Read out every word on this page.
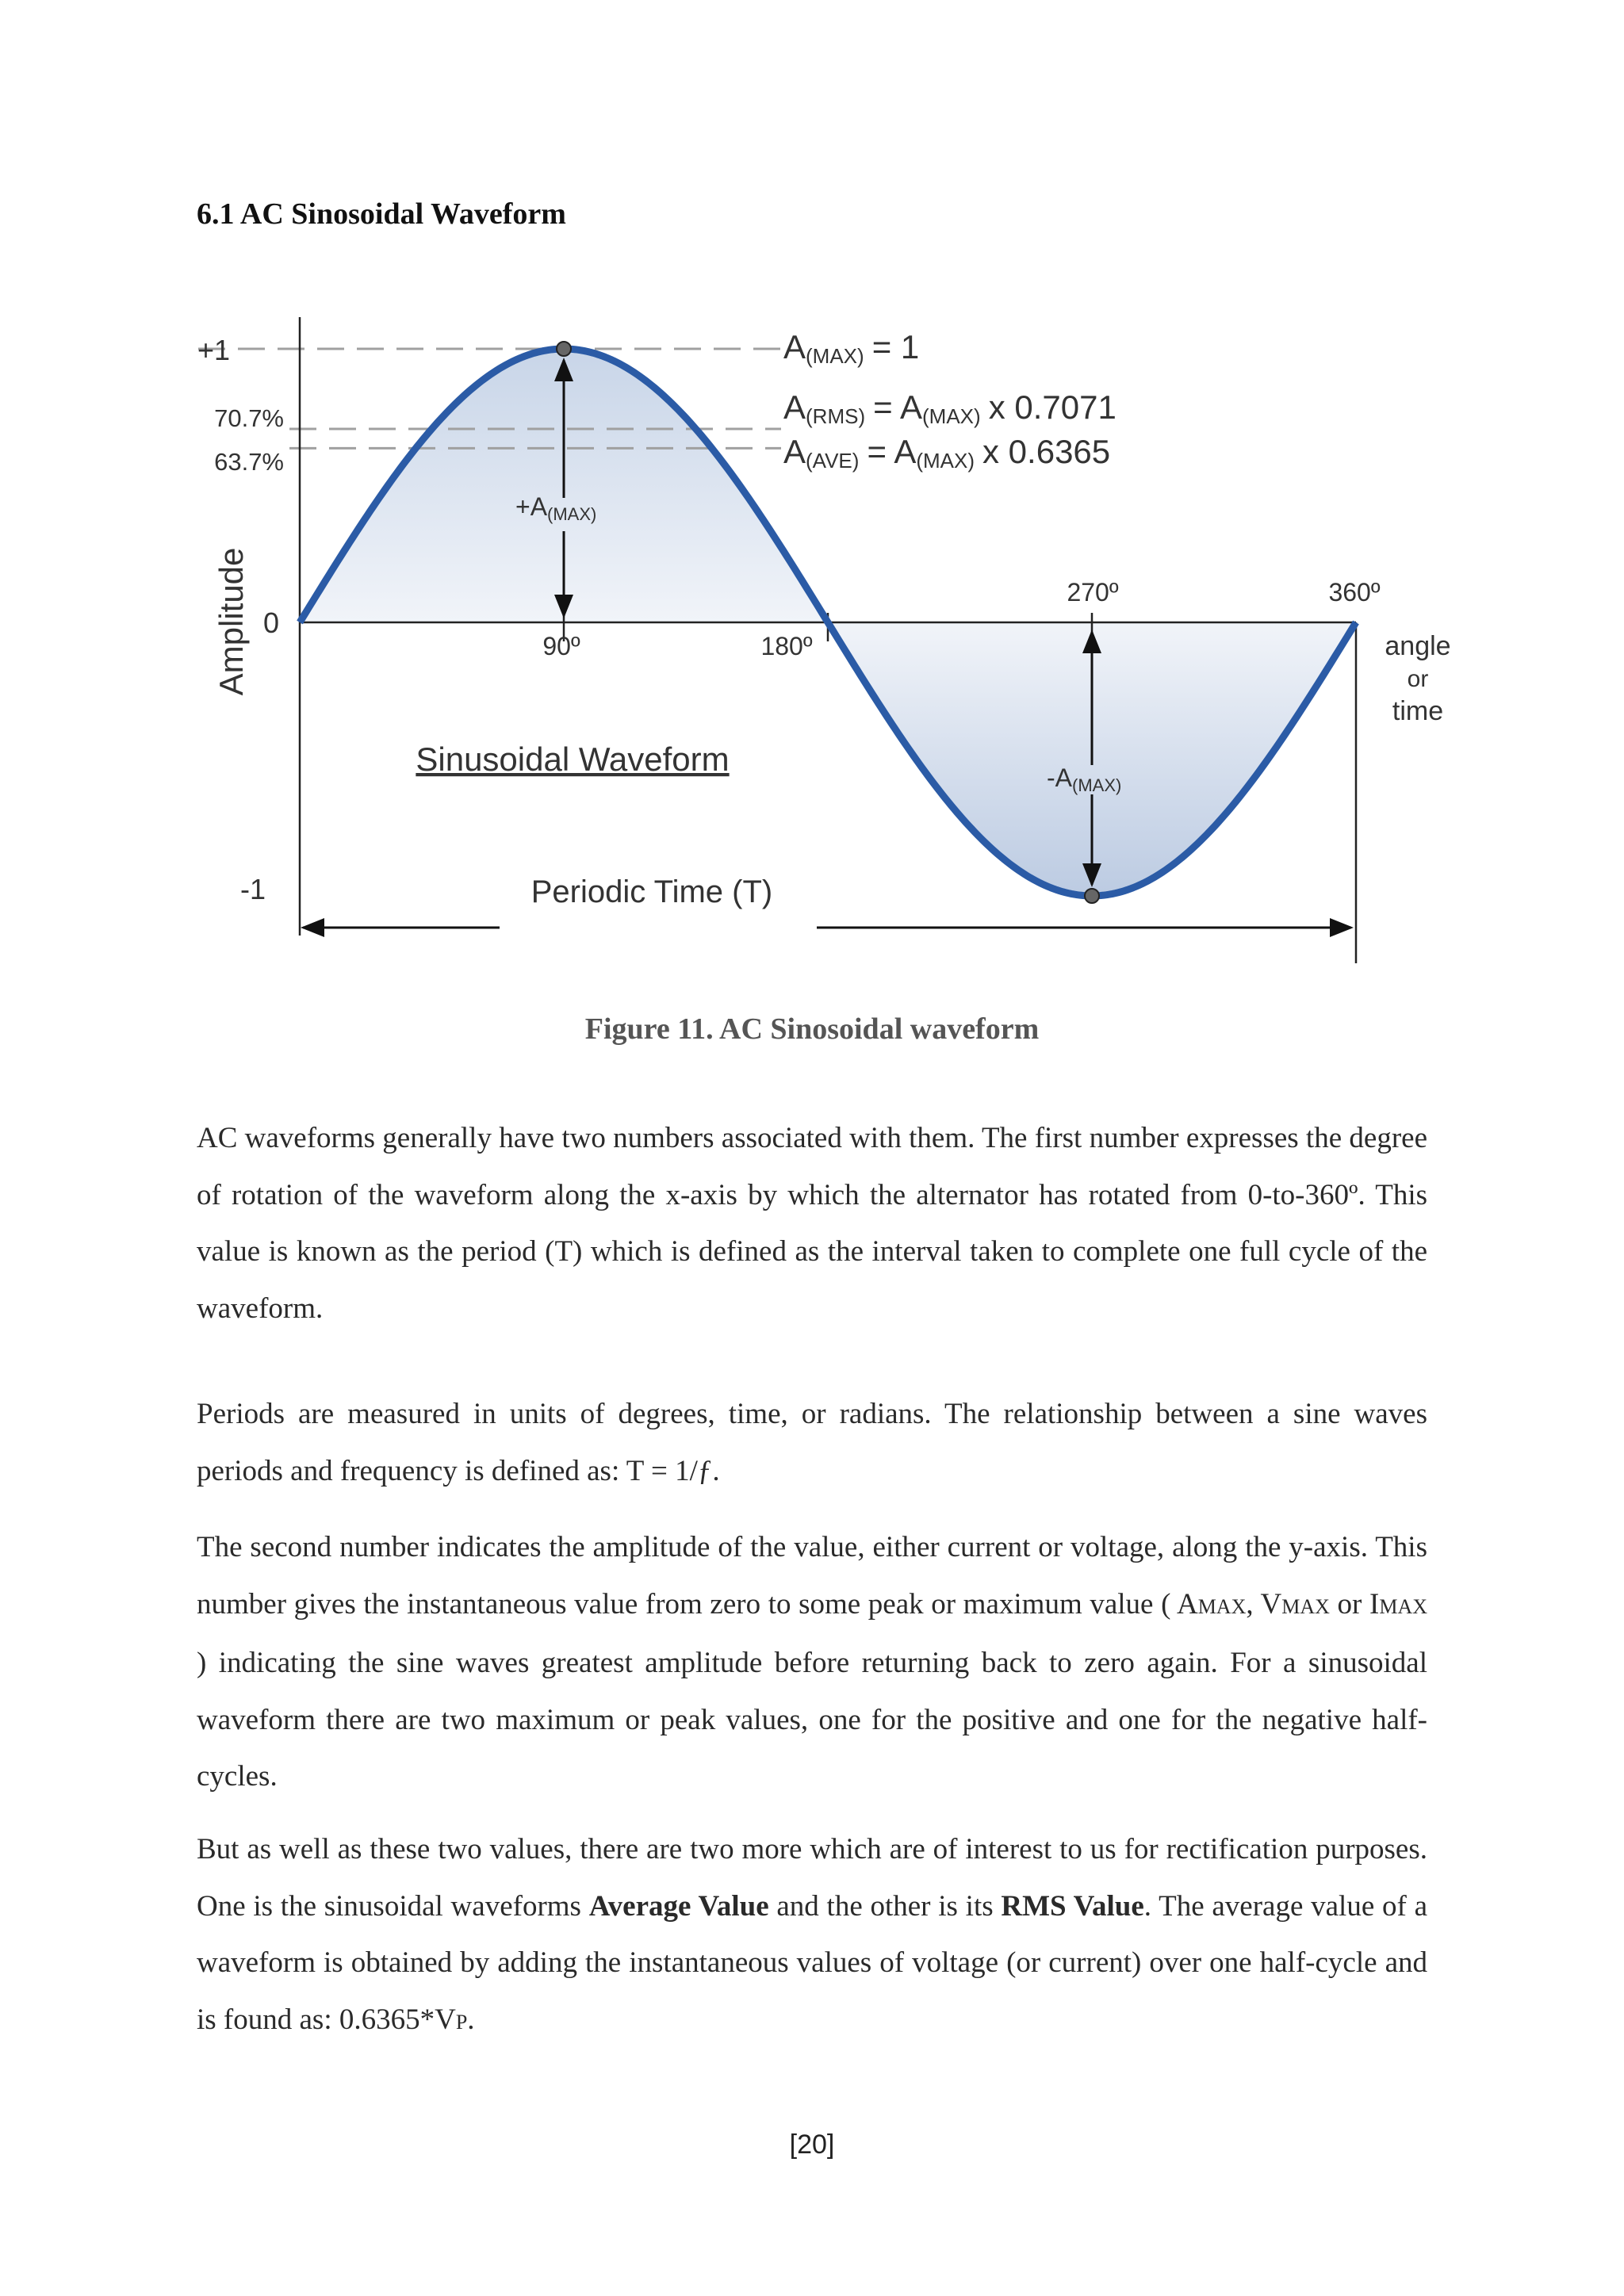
6.1 AC Sinosoidal Waveform
+1
70.7%
63.7%
0
-1
Amplitude	90º	180º
270º	360º
angle
or
time
Sinusoidal Waveform
Periodic Time (T)
+A(MAX)
-A(MAX)
A(MAX) = 1
A(RMS) = A(MAX) x 0.7071
A(AVE) = A(MAX) x 0.6365
Figure 11. AC Sinosoidal waveform
AC waveforms generally have two numbers associated with them. The first number expresses the degree of rotation of the waveform along the x-axis by which the alternator has rotated from 0-to-360º. This value is known as the period (T) which is defined as the interval taken to complete one full cycle of the waveform.
Periods are measured in units of degrees, time, or radians. The relationship between a sine waves periods and frequency is defined as: T = 1/ƒ.
The second number indicates the amplitude of the value, either current or voltage, along the y-axis. This number gives the instantaneous value from zero to some peak or maximum value ( AMAX, VMAX or IMAX ) indicating the sine waves greatest amplitude before returning back to zero again. For a sinusoidal waveform there are two maximum or peak values, one for the positive and one for the negative half-cycles.
But as well as these two values, there are two more which are of interest to us for rectification purposes. One is the sinusoidal waveforms Average Value and the other is its RMS Value. The average value of a waveform is obtained by adding the instantaneous values of voltage (or current) over one half-cycle and is found as: 0.6365*VP.
[20]
